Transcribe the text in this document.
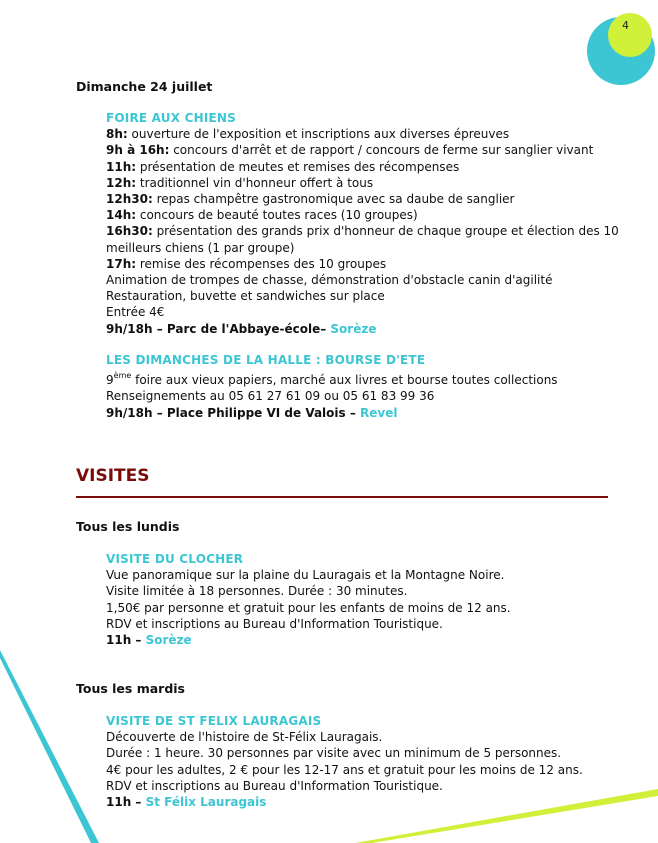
4
Dimanche 24 juillet
FOIRE AUX CHIENS
8h: ouverture de l'exposition et inscriptions aux diverses épreuves
9h à 16h: concours d'arrêt et de rapport / concours de ferme sur sanglier vivant
11h: présentation de meutes et remises des récompenses
12h: traditionnel vin d'honneur offert à tous
12h30: repas champêtre gastronomique avec sa daube de sanglier
14h: concours de beauté toutes races (10 groupes)
16h30: présentation des grands prix d'honneur de chaque groupe et élection des 10 meilleurs chiens (1 par groupe)
17h: remise des récompenses des 10 groupes
Animation de trompes de chasse, démonstration d'obstacle canin d'agilité
Restauration, buvette et sandwiches sur place
Entrée 4€
9h/18h – Parc de l'Abbaye-école– Sorèze
LES DIMANCHES DE LA HALLE : BOURSE D'ETE
9ème foire aux vieux papiers, marché aux livres et bourse toutes collections
Renseignements au 05 61 27 61 09 ou 05 61 83 99 36
9h/18h – Place Philippe VI de Valois – Revel
VISITES
Tous les lundis
VISITE DU CLOCHER
Vue panoramique sur la plaine du Lauragais et la Montagne Noire.
Visite limitée à 18 personnes. Durée : 30 minutes.
1,50€ par personne et gratuit pour les enfants de moins de 12 ans.
RDV et inscriptions au Bureau d'Information Touristique.
11h – Sorèze
Tous les mardis
VISITE DE ST FELIX LAURAGAIS
Découverte de l'histoire de St-Félix Lauragais.
Durée : 1 heure. 30 personnes par visite avec un minimum de 5 personnes.
4€ pour les adultes, 2 € pour les 12-17 ans et gratuit pour les moins de 12 ans.
RDV et inscriptions au Bureau d'Information Touristique.
11h – St Félix Lauragais
